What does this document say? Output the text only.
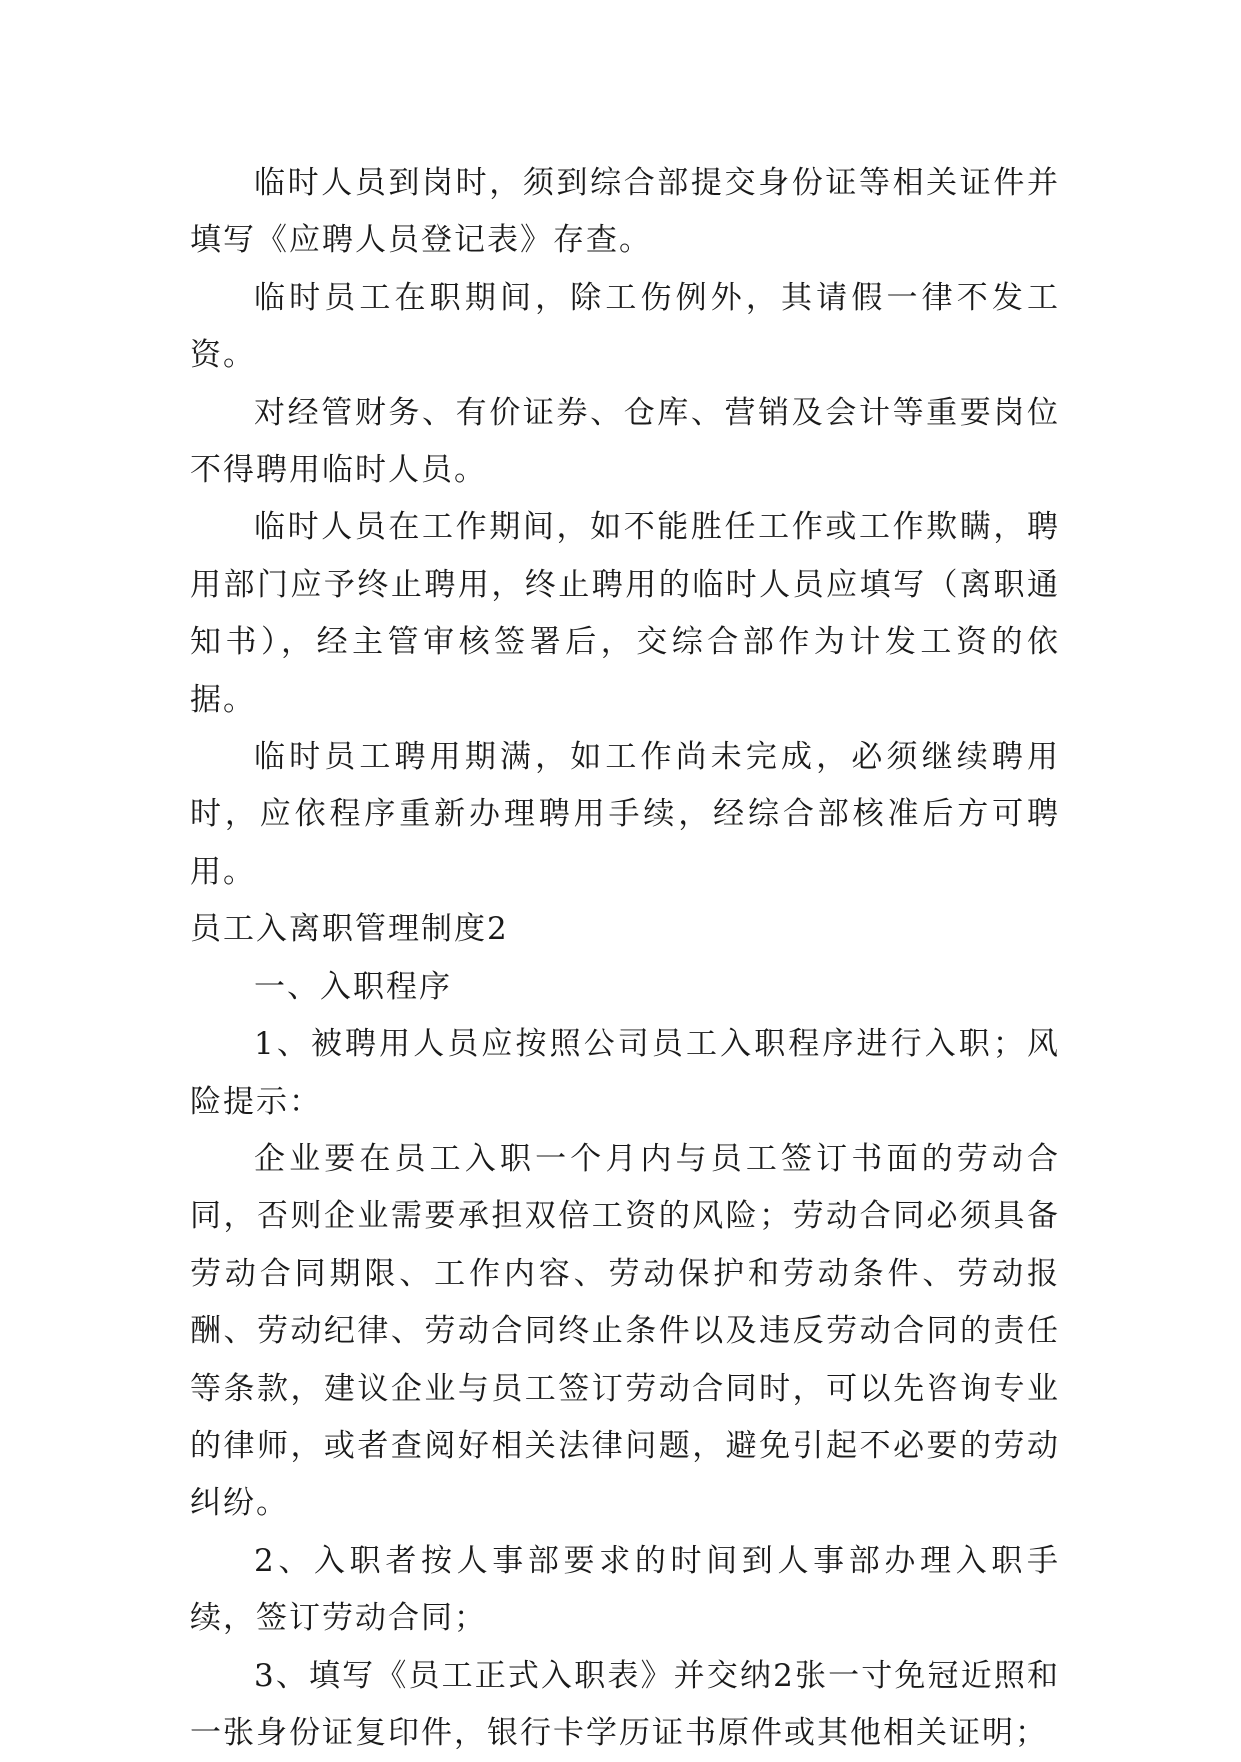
临时人员到岗时，须到综合部提交身份证等相关证件并填写《应聘人员登记表》存查。

临时员工在职期间，除工伤例外，其请假一律不发工资。

对经管财务、有价证券、仓库、营销及会计等重要岗位不得聘用临时人员。

临时人员在工作期间，如不能胜任工作或工作欺瞒，聘用部门应予终止聘用，终止聘用的临时人员应填写（离职通知书），经主管审核签署后，交综合部作为计发工资的依据。

临时员工聘用期满，如工作尚未完成，必须继续聘用时，应依程序重新办理聘用手续，经综合部核准后方可聘用。

员工入离职管理制度2

一、入职程序

1、被聘用人员应按照公司员工入职程序进行入职；风险提示：

企业要在员工入职一个月内与员工签订书面的劳动合同，否则企业需要承担双倍工资的风险；劳动合同必须具备劳动合同期限、工作内容、劳动保护和劳动条件、劳动报酬、劳动纪律、劳动合同终止条件以及违反劳动合同的责任等条款，建议企业与员工签订劳动合同时，可以先咨询专业的律师，或者查阅好相关法律问题，避免引起不必要的劳动纠纷。

2、入职者按人事部要求的时间到人事部办理入职手续，签订劳动合同；

3、填写《员工正式入职表》并交纳2张一寸免冠近照和一张身份证复印件，银行卡学历证书原件或其他相关证明；
